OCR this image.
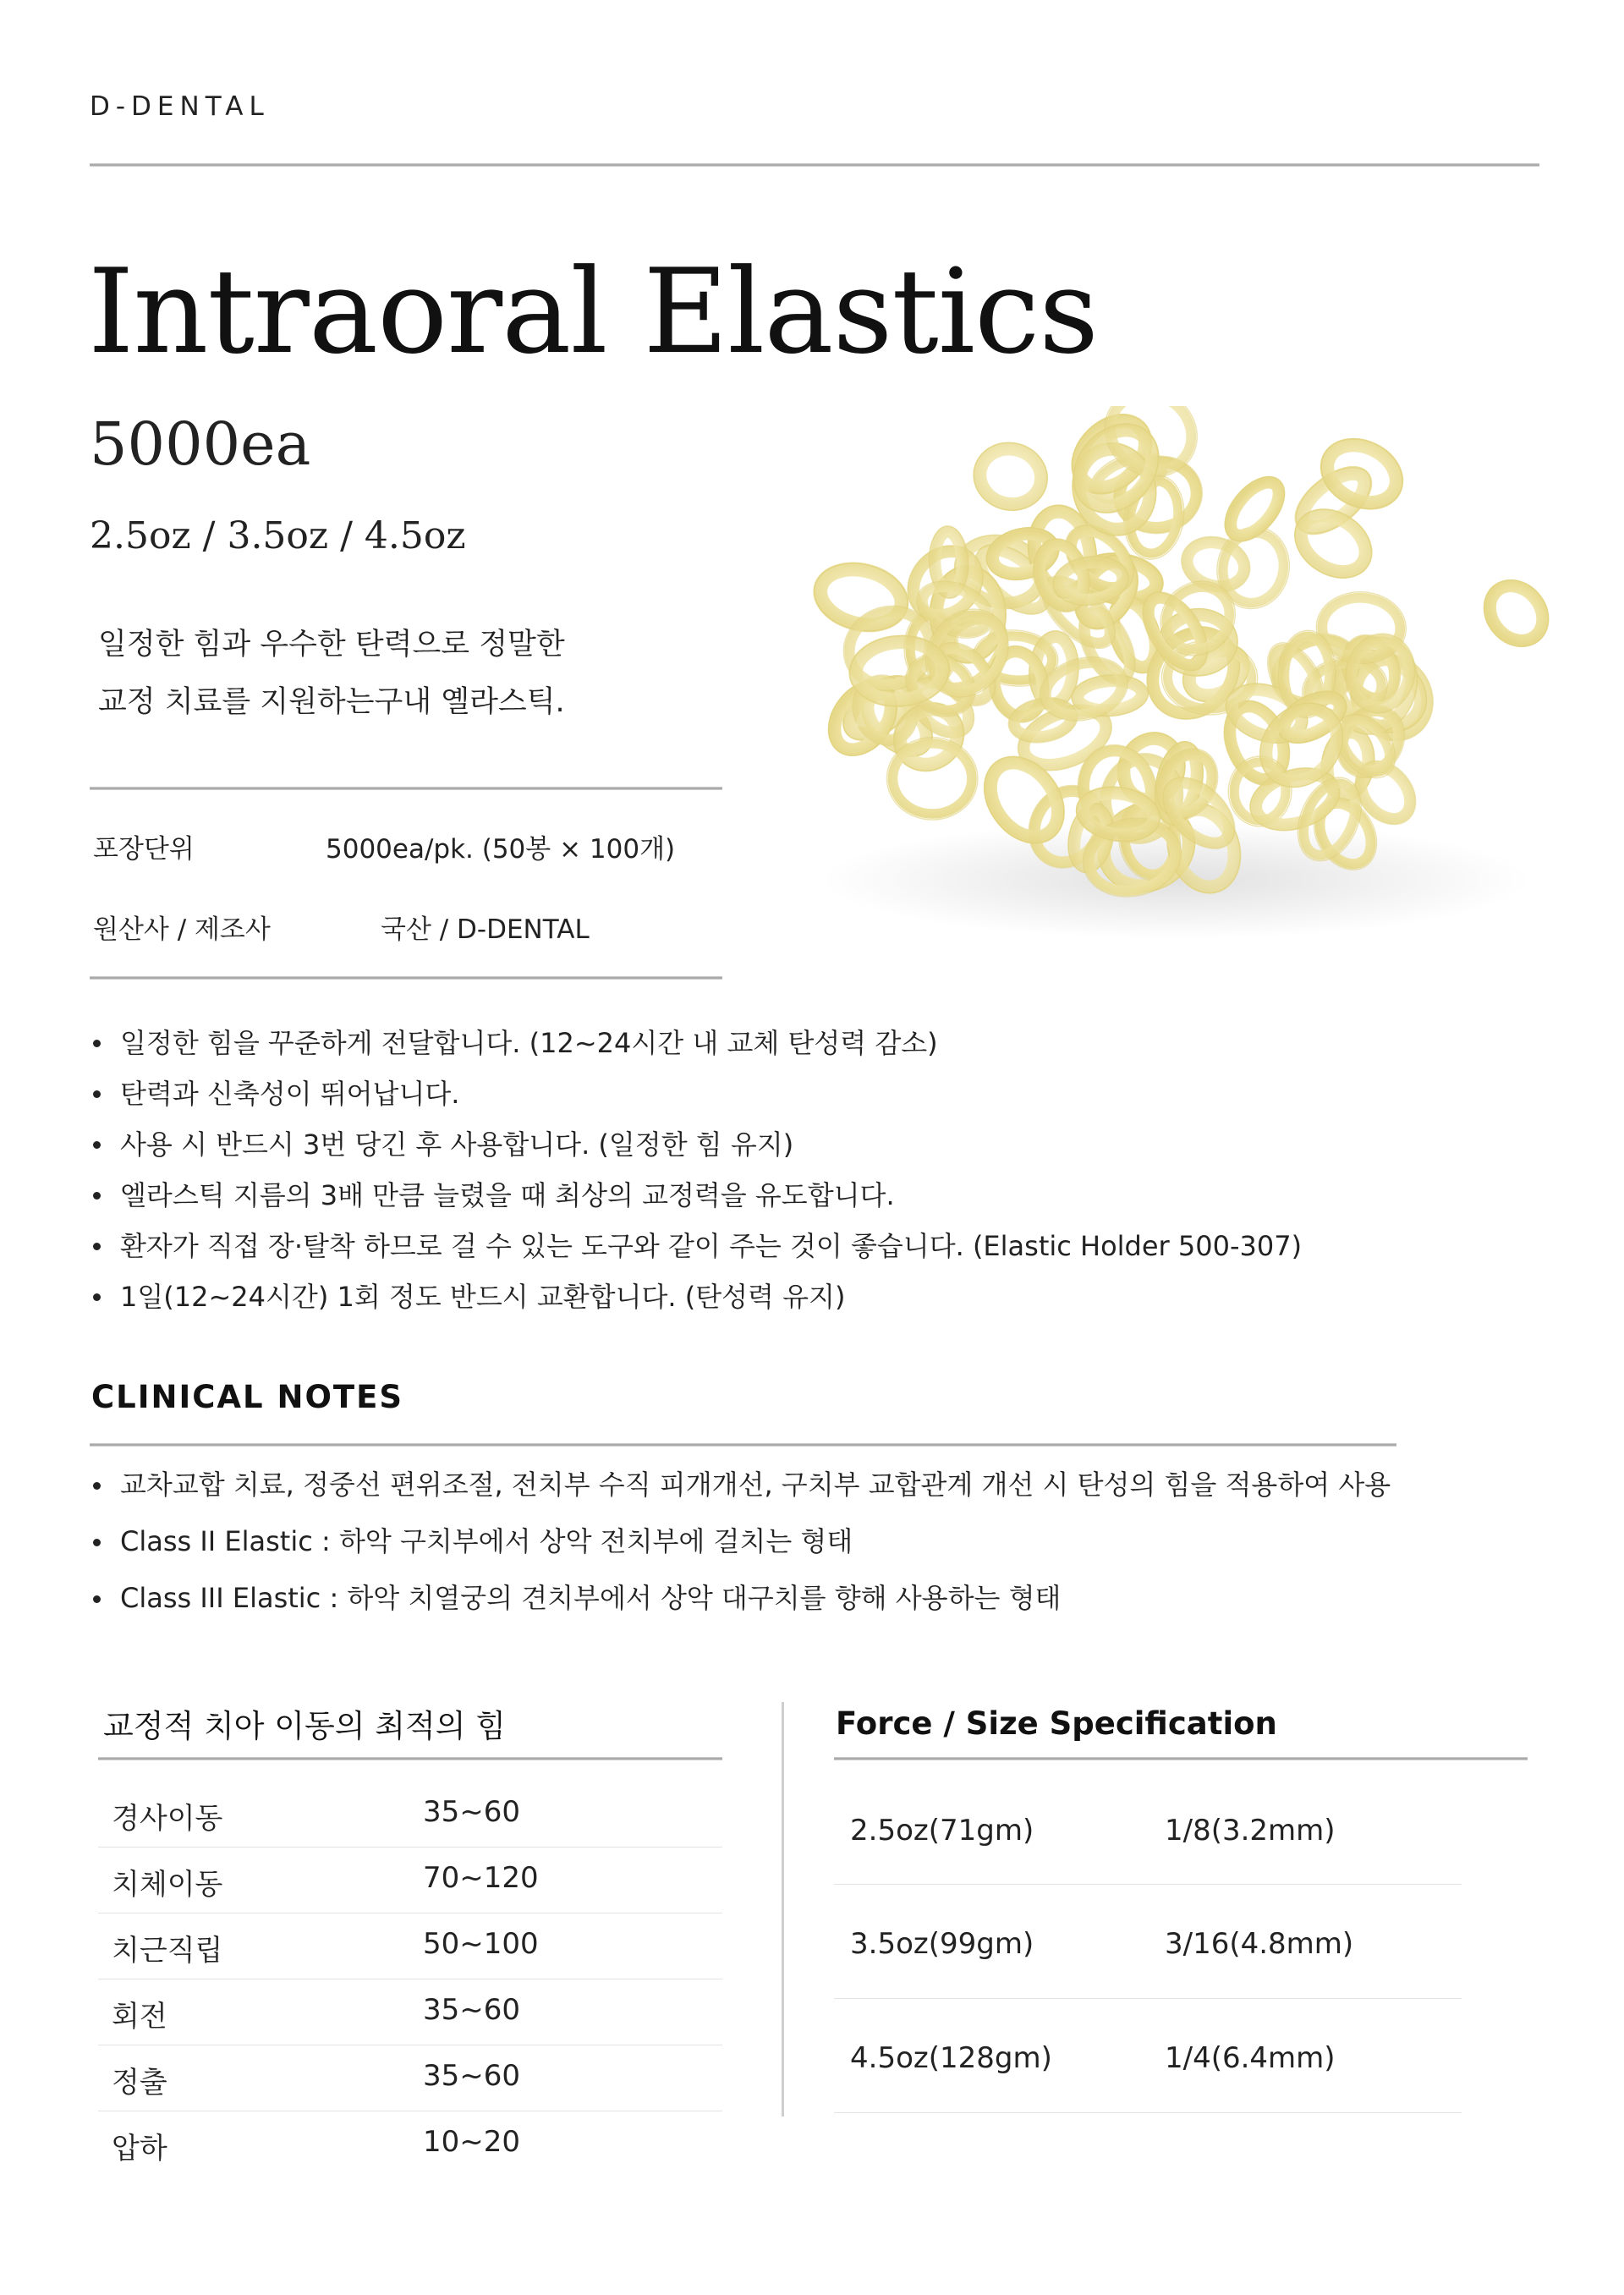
D-DENTAL
Intraoral Elastics
5000ea
2.5oz / 3.5oz / 4.5oz
일정한 힘과 우수한 탄력으로 정말한
교정 치료를 지원하는구내 옐라스틱.
포장단위	5000ea/pk. (50봉 × 100개)
원산사 / 제조사	국산 / D-DENTAL
일정한 힘을 꾸준하게 전달합니다. (12~24시간 내 교체 탄성력 감소)
탄력과 신축성이 뛰어납니다.
사용 시 반드시 3번 당긴 후 사용합니다. (일정한 힘 유지)
엘라스틱 지름의 3배 만큼 늘렸을 때 최상의 교정력을 유도합니다.
환자가 직접 장·탈착 하므로 걸 수 있는 도구와 같이 주는 것이 좋습니다. (Elastic Holder 500-307)
1일(12~24시간) 1회 정도 반드시 교환합니다. (탄성력 유지)
CLINICAL NOTES
교차교합 치료, 정중선 편위조절, 전치부 수직 피개개선, 구치부 교합관계 개선 시 탄성의 힘을 적용하여 사용
Class II Elastic : 하악 구치부에서 상악 전치부에 걸치는 형태
Class III Elastic : 하악 치열궁의 견치부에서 상악 대구치를 향해 사용하는 형태
교정적 치아 이동의 최적의 힘
경사이동	35~60
치체이동	70~120
치근직립	50~100
회전	35~60
정출	35~60
압하	10~20
Force / Size Specification
2.5oz(71gm)	1/8(3.2mm)
3.5oz(99gm)	3/16(4.8mm)
4.5oz(128gm)	1/4(6.4mm)
